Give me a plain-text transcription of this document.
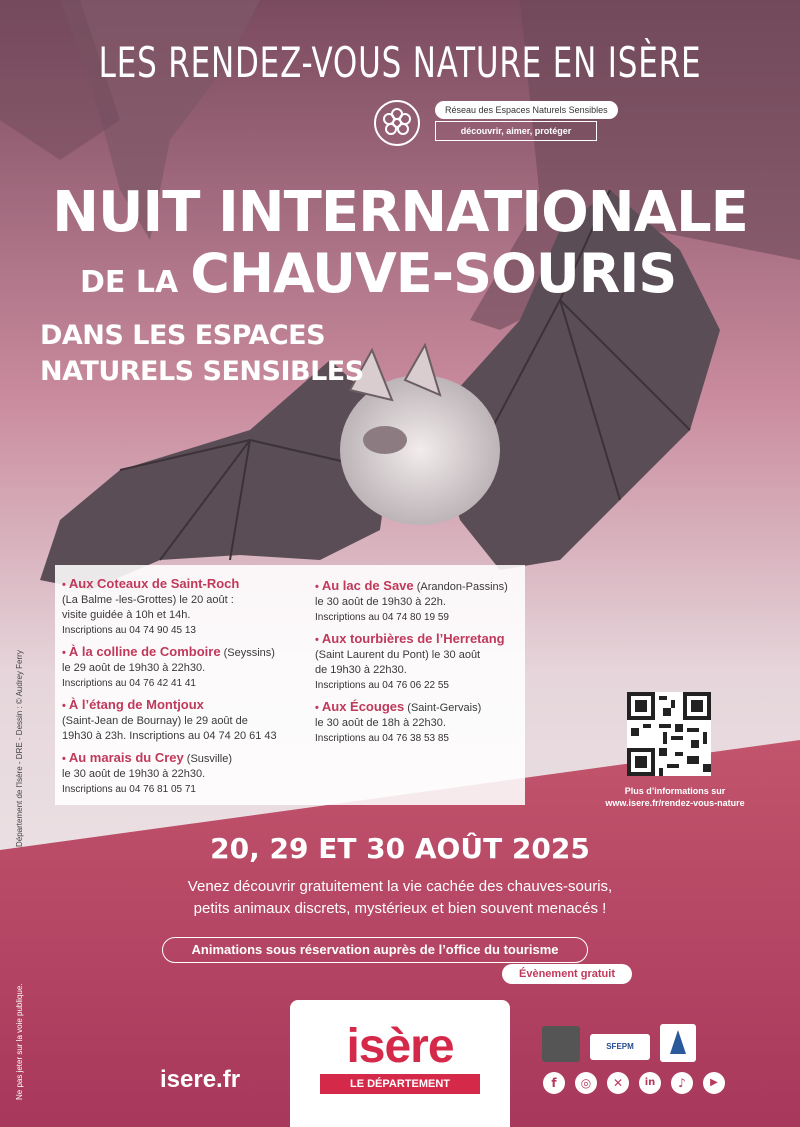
LES RENDEZ-VOUS NATURE EN ISÈRE
Réseau des Espaces Naturels Sensibles
découvrir, aimer, protéger
NUIT INTERNATIONALE
DE LA CHAUVE-SOURIS
DANS LES ESPACES
NATURELS SENSIBLES
• Aux Coteaux de Saint-Roch
(La Balme -les-Grottes) le 20 août :
visite guidée à 10h et 14h.
Inscriptions au 04 74 90 45 13
• À la colline de Comboire (Seyssins)
le 29 août de 19h30 à 22h30.
Inscriptions au 04 76 42 41 41
• À l’étang de Montjoux
(Saint-Jean de Bournay) le 29 août de
19h30 à 23h. Inscriptions au 04 74 20 61 43
• Au marais du Crey (Susville)
le 30 août de 19h30 à 22h30.
Inscriptions au 04 76 81 05 71
• Au lac de Save (Arandon-Passins)
le 30 août de 19h30 à 22h.
Inscriptions au 04 74 80 19 59
• Aux tourbières de l’Herretang
(Saint Laurent du Pont) le 30 août
de 19h30 à 22h30.
Inscriptions au 04 76 06 22 55
• Aux Écouges (Saint-Gervais)
le 30 août de 18h à 22h30.
Inscriptions au 04 76 38 53 85
Département de l'Isère - DRE - Dessin : © Audrey Ferry	Plus d’informations sur
www.isere.fr/rendez-vous-nature
20, 29 ET 30 AOÛT 2025
Venez découvrir gratuitement la vie cachée des chauves-souris,
petits animaux discrets, mystérieux et bien souvent menacés !
Animations sous réservation auprès de l’office du tourisme
Évènement gratuit
Ne pas jeter sur la voie publique.	isere.fr
isère
LE DÉPARTEMENT
SFEPM
f	◎	✕	in	♪	▶
